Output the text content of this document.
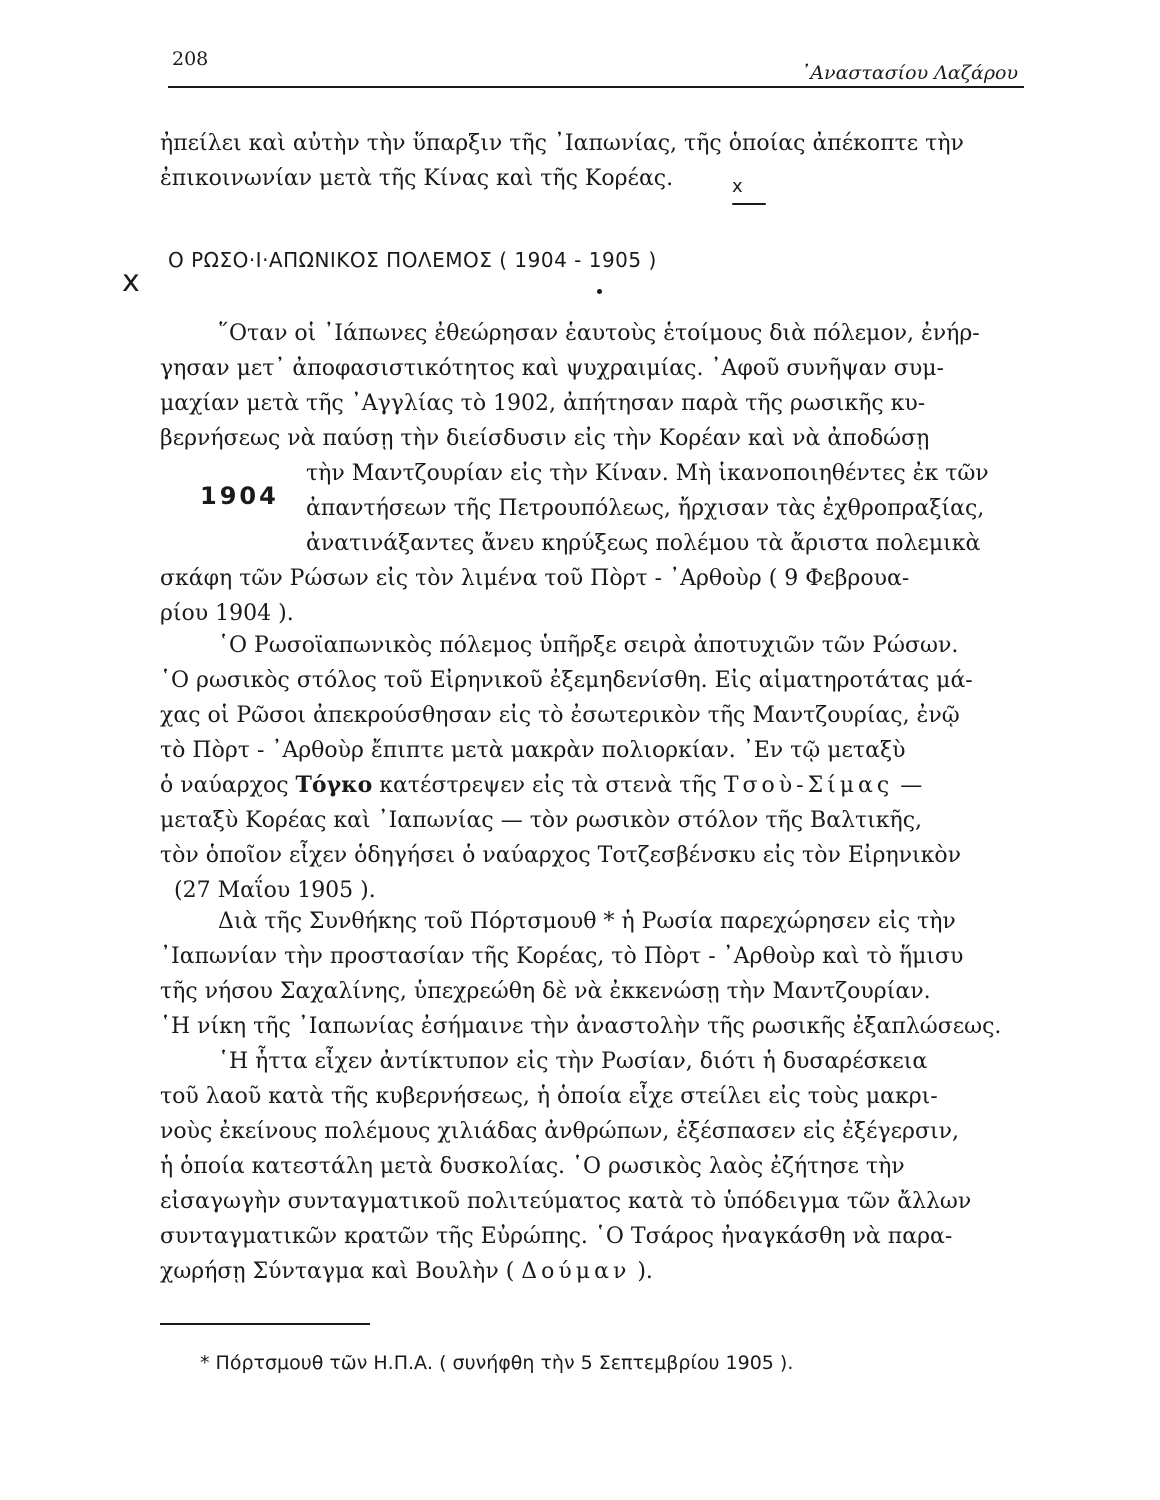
208
᾿Αναστασίου Λαζάρου

ἠπείλει καὶ αὐτὴν τὴν ὕπαρξιν τῆς ᾿Ιαπωνίας, τῆς ὁποίας ἀπέκοπτε τὴν

ἐπικοινωνίαν μετὰ τῆς Κίνας καὶ τῆς Κορέας.	x
x
Ο ΡΩΣΟ·Ι·ΑΠΩΝΙΚΟΣ ΠΟΛΕΜΟΣ ( 1904 - 1905 )
1904

῞Οταν οἱ ᾿Ιάπωνες ἐθεώρησαν ἑαυτοὺς ἑτοίμους διὰ πόλεμον, ἐνήρ-

γησαν μετ᾿ ἀποφασιστικότητος καὶ ψυχραιμίας. ᾿Αφοῦ συνῆψαν συμ-

μαχίαν μετὰ τῆς ᾿Αγγλίας τὸ 1902, ἀπήτησαν παρὰ τῆς ρωσικῆς κυ-

βερνήσεως νὰ παύσῃ τὴν διείσδυσιν εἰς τὴν Κορέαν καὶ νὰ ἀποδώσῃ

τὴν Μαντζουρίαν εἰς τὴν Κίναν. Μὴ ἱκανοποιηθέντες ἐκ τῶν

ἀπαντήσεων τῆς Πετρουπόλεως, ἤρχισαν τὰς ἐχθροπραξίας,

ἀνατινάξαντες ἄνευ κηρύξεως πολέμου τὰ ἄριστα πολεμικὰ

σκάφη τῶν Ρώσων εἰς τὸν λιμένα τοῦ Πὸρτ - ᾿Αρθοὺρ ( 9 Φεβρουα-

ρίου 1904 ).

῾Ο Ρωσοϊαπωνικὸς πόλεμος ὑπῆρξε σειρὰ ἀποτυχιῶν τῶν Ρώσων.

῾Ο ρωσικὸς στόλος τοῦ Εἰρηνικοῦ ἐξεμηδενίσθη. Εἰς αἱματηροτάτας μά-

χας οἱ Ρῶσοι ἀπεκρούσθησαν εἰς τὸ ἐσωτερικὸν τῆς Μαντζουρίας, ἐνῷ

τὸ Πὸρτ - ᾿Αρθοὺρ ἔπιπτε μετὰ μακρὰν πολιορκίαν. ᾿Εν τῷ μεταξὺ

ὁ ναύαρχος Τόγκο κατέστρεψεν εἰς τὰ στενὰ τῆς Τσοὺ-Σίμας —

μεταξὺ Κορέας καὶ ᾿Ιαπωνίας — τὸν ρωσικὸν στόλον τῆς Βαλτικῆς,

τὸν ὁποῖον εἶχεν ὁδηγήσει ὁ ναύαρχος Τοτζεσβένσκυ εἰς τὸν Εἰρηνικὸν

(27 Μαΐου 1905 ).

Διὰ τῆς Συνθήκης τοῦ Πόρτσμουθ * ἡ Ρωσία παρεχώρησεν εἰς τὴν

᾿Ιαπωνίαν τὴν προστασίαν τῆς Κορέας, τὸ Πὸρτ - ᾿Αρθοὺρ καὶ τὸ ἥμισυ

τῆς νήσου Σαχαλίνης, ὑπεχρεώθη δὲ νὰ ἐκκενώσῃ τὴν Μαντζουρίαν.

῾Η νίκη τῆς ᾿Ιαπωνίας ἐσήμαινε τὴν ἀναστολὴν τῆς ρωσικῆς ἐξαπλώσεως.

῾Η ἧττα εἶχεν ἀντίκτυπον εἰς τὴν Ρωσίαν, διότι ἡ δυσαρέσκεια

τοῦ λαοῦ κατὰ τῆς κυβερνήσεως, ἡ ὁποία εἶχε στείλει εἰς τοὺς μακρι-

νοὺς ἐκείνους πολέμους χιλιάδας ἀνθρώπων, ἐξέσπασεν εἰς ἐξέγερσιν,

ἡ ὁποία κατεστάλη μετὰ δυσκολίας. ῾Ο ρωσικὸς λαὸς ἐζήτησε τὴν

εἰσαγωγὴν συνταγματικοῦ πολιτεύματος κατὰ τὸ ὑπόδειγμα τῶν ἄλλων

συνταγματικῶν κρατῶν τῆς Εὐρώπης. ῾Ο Τσάρος ἠναγκάσθη νὰ παρα-

χωρήσῃ Σύνταγμα καὶ Βουλὴν ( Δούμαν ).

* Πόρτσμουθ τῶν Η.Π.Α. ( συνήφθη τὴν 5 Σεπτεμβρίου 1905 ).
